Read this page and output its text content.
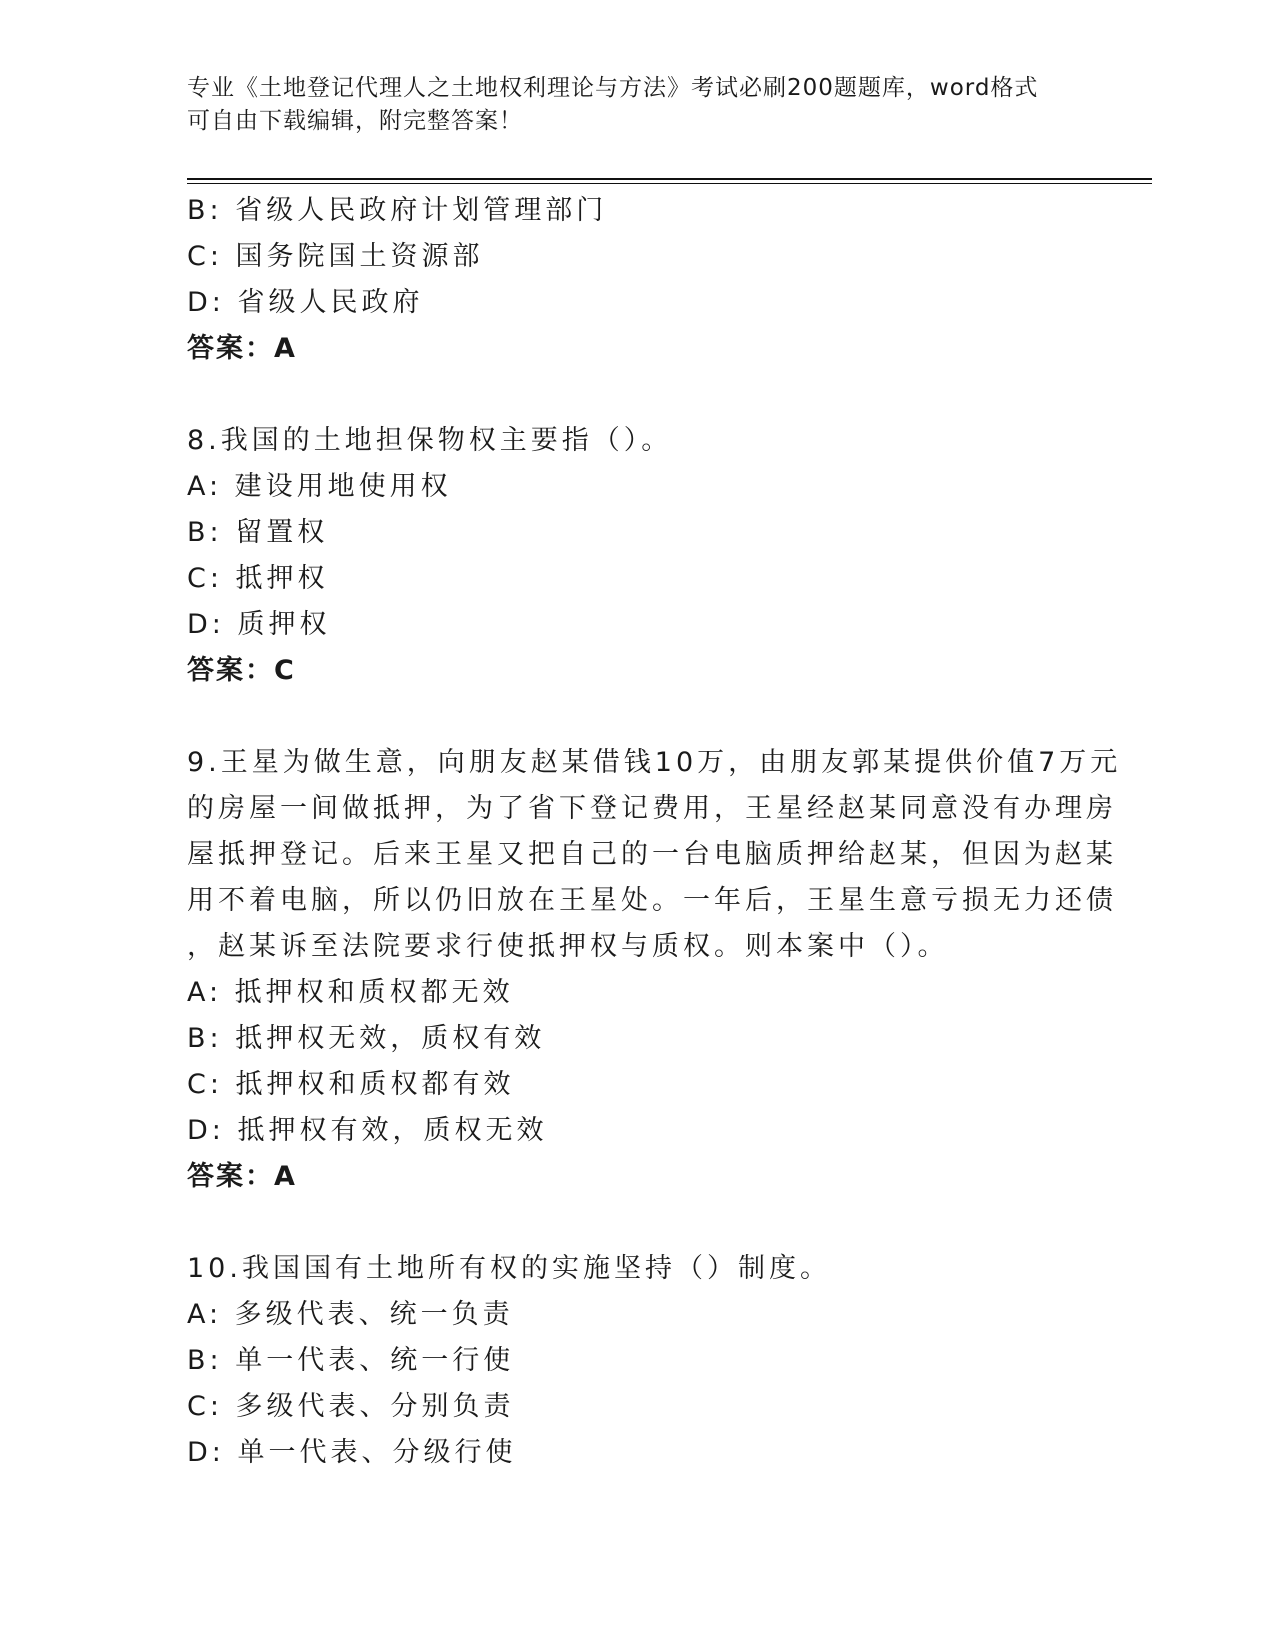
专业《土地登记代理人之土地权利理论与方法》考试必刷200题题库，word格式
可自由下载编辑，附完整答案！
B: 省级人民政府计划管理部门
C: 国务院国土资源部
D: 省级人民政府
答案：A
8.我国的土地担保物权主要指（）。
A: 建设用地使用权
B: 留置权
C: 抵押权
D: 质押权
答案：C
9.王星为做生意，向朋友赵某借钱10万，由朋友郭某提供价值7万元
的房屋一间做抵押，为了省下登记费用，王星经赵某同意没有办理房
屋抵押登记。后来王星又把自己的一台电脑质押给赵某，但因为赵某
用不着电脑，所以仍旧放在王星处。一年后，王星生意亏损无力还债
，赵某诉至法院要求行使抵押权与质权。则本案中（）。
A: 抵押权和质权都无效
B: 抵押权无效，质权有效
C: 抵押权和质权都有效
D: 抵押权有效，质权无效
答案：A
10.我国国有土地所有权的实施坚持（）制度。
A: 多级代表、统一负责
B: 单一代表、统一行使
C: 多级代表、分别负责
D: 单一代表、分级行使
